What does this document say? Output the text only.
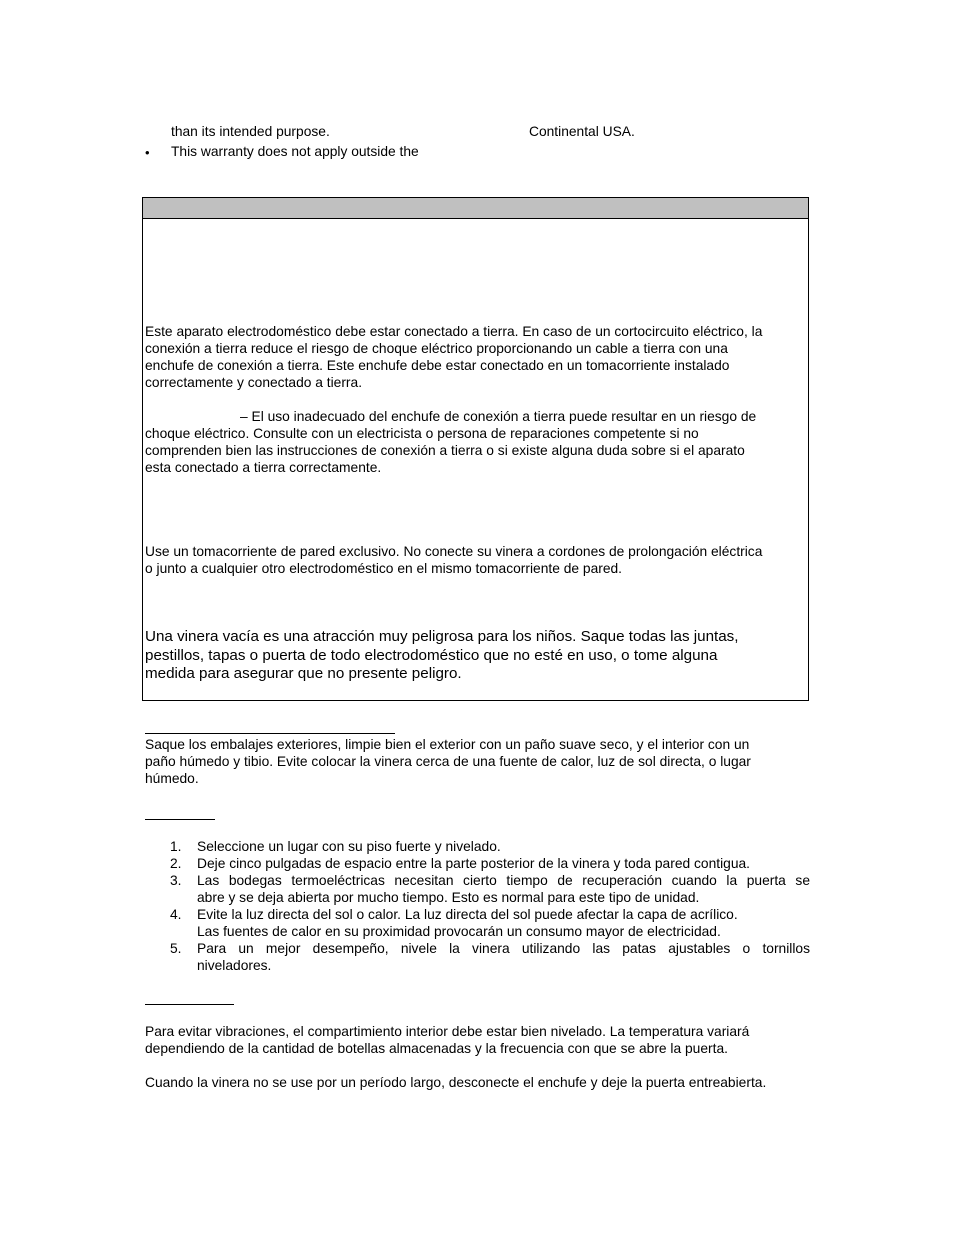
than its intended purpose.	Continental USA.
• This warranty does not apply outside the
Este aparato electrodoméstico debe estar conectado a tierra. En caso de un cortocircuito eléctrico, la
conexión a tierra reduce el riesgo de choque eléctrico proporcionando un cable a tierra con una
enchufe de conexión a tierra. Este enchufe debe estar conectado en un tomacorriente instalado
correctamente y conectado a tierra.
– El uso inadecuado del enchufe de conexión a tierra puede resultar en un riesgo de
choque eléctrico. Consulte con un electricista o persona de reparaciones competente si no
comprenden bien las instrucciones de conexión a tierra o si existe alguna duda sobre si el aparato
esta conectado a tierra correctamente.
Use un tomacorriente de pared exclusivo. No conecte su vinera a cordones de prolongación eléctrica
o junto a cualquier otro electrodoméstico en el mismo tomacorriente de pared.
Una vinera vacía es una atracción muy peligrosa para los niños. Saque todas las juntas,
pestillos, tapas o puerta de todo electrodoméstico que no esté en uso, o tome alguna
medida para asegurar que no presente peligro.
Saque los embalajes exteriores, limpie bien el exterior con un paño suave seco, y el interior con un
paño húmedo y tibio. Evite colocar la vinera cerca de una fuente de calor, luz de sol directa, o lugar
húmedo.
1.	Seleccione un lugar con su piso fuerte y nivelado.
2.	Deje cinco pulgadas de espacio entre la parte posterior de la vinera y toda pared contigua.
3.	Las bodegas termoeléctricas necesitan cierto tiempo de recuperación cuando la puerta se
abre y se deja abierta por mucho tiempo. Esto es normal para este tipo de unidad.
4.	Evite la luz directa del sol o calor. La luz directa del sol puede afectar la capa de acrílico.
Las fuentes de calor en su proximidad provocarán un consumo mayor de electricidad.
5.	Para un mejor desempeño, nivele la vinera utilizando las patas ajustables o tornillos
niveladores.
Para evitar vibraciones, el compartimiento interior debe estar bien nivelado. La temperatura variará
dependiendo de la cantidad de botellas almacenadas y la frecuencia con que se abre la puerta.
Cuando la vinera no se use por un período largo, desconecte el enchufe y deje la puerta entreabierta.
